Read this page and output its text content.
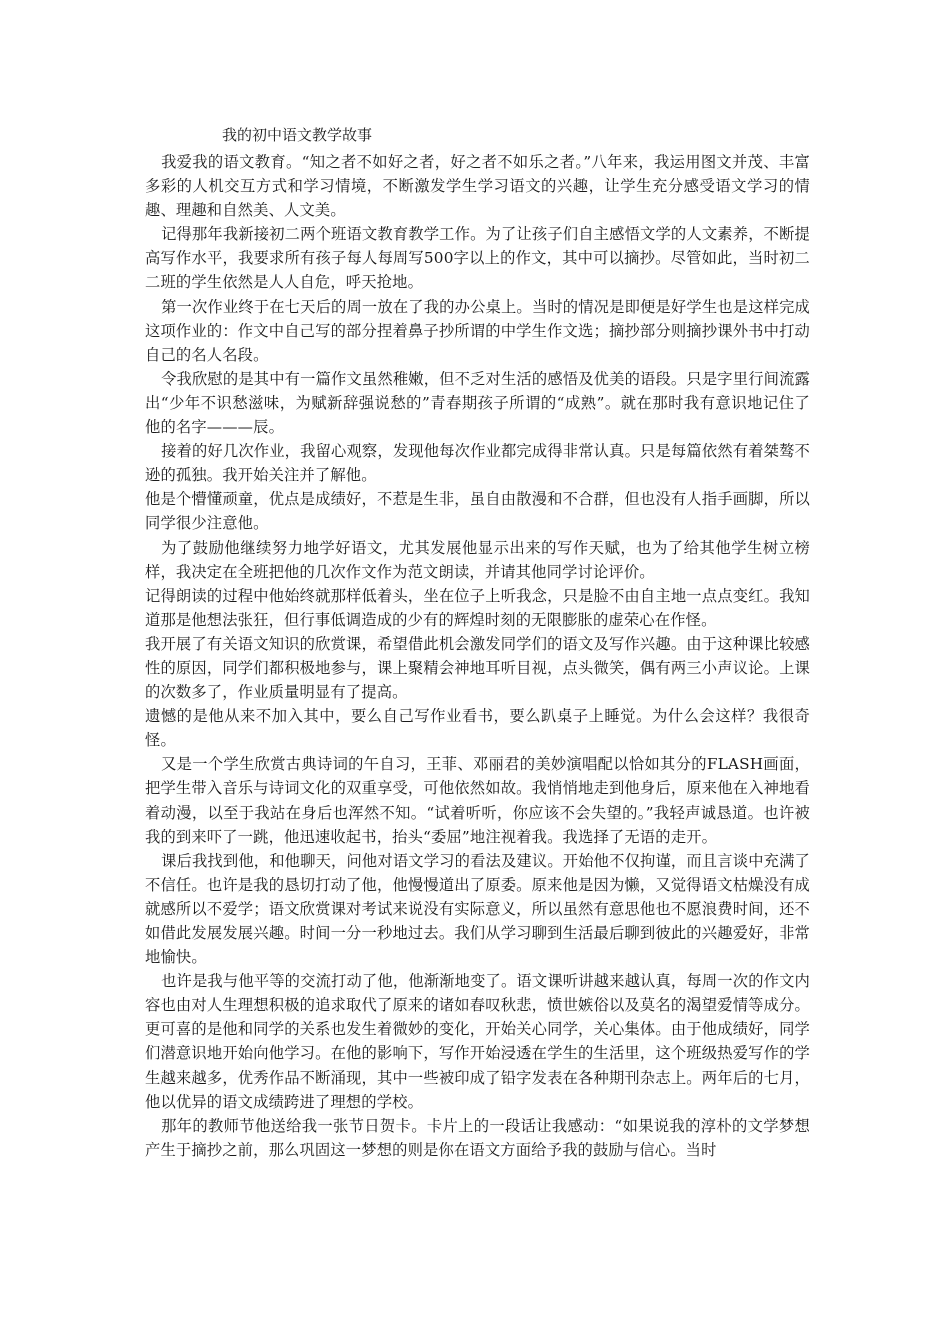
我的初中语文教学故事

我爱我的语文教育。“知之者不如好之者，好之者不如乐之者。”八年来，我运用图文并茂、丰富多彩的人机交互方式和学习情境，不断激发学生学习语文的兴趣，让学生充分感受语文学习的情趣、理趣和自然美、人文美。

记得那年我新接初二两个班语文教育教学工作。为了让孩子们自主感悟文学的人文素养，不断提高写作水平，我要求所有孩子每人每周写500字以上的作文，其中可以摘抄。尽管如此，当时初二二班的学生依然是人人自危，呼天抢地。

第一次作业终于在七天后的周一放在了我的办公桌上。当时的情况是即便是好学生也是这样完成这项作业的：作文中自己写的部分捏着鼻子抄所谓的中学生作文选；摘抄部分则摘抄课外书中打动自己的名人名段。

令我欣慰的是其中有一篇作文虽然稚嫩，但不乏对生活的感悟及优美的语段。只是字里行间流露出“少年不识愁滋味，为赋新辞强说愁的”青春期孩子所谓的“成熟”。就在那时我有意识地记住了他的名字———辰。

接着的好几次作业，我留心观察，发现他每次作业都完成得非常认真。只是每篇依然有着桀骜不逊的孤独。我开始关注并了解他。

他是个懵懂顽童，优点是成绩好，不惹是生非，虽自由散漫和不合群，但也没有人指手画脚，所以同学很少注意他。

为了鼓励他继续努力地学好语文，尤其发展他显示出来的写作天赋，也为了给其他学生树立榜样，我决定在全班把他的几次作文作为范文朗读，并请其他同学讨论评价。

记得朗读的过程中他始终就那样低着头，坐在位子上听我念，只是脸不由自主地一点点变红。我知道那是他想法张狂，但行事低调造成的少有的辉煌时刻的无限膨胀的虚荣心在作怪。

我开展了有关语文知识的欣赏课，希望借此机会激发同学们的语文及写作兴趣。由于这种课比较感性的原因，同学们都积极地参与，课上聚精会神地耳听目视，点头微笑，偶有两三小声议论。上课的次数多了，作业质量明显有了提高。

遗憾的是他从来不加入其中，要么自己写作业看书，要么趴桌子上睡觉。为什么会这样？我很奇怪。

又是一个学生欣赏古典诗词的午自习，王菲、邓丽君的美妙演唱配以恰如其分的FLASH画面，把学生带入音乐与诗词文化的双重享受，可他依然如故。我悄悄地走到他身后，原来他在入神地看着动漫，以至于我站在身后也浑然不知。“试着听听，你应该不会失望的。”我轻声诚恳道。也许被我的到来吓了一跳，他迅速收起书，抬头“委屈”地注视着我。我选择了无语的走开。

课后我找到他，和他聊天，问他对语文学习的看法及建议。开始他不仅拘谨，而且言谈中充满了不信任。也许是我的恳切打动了他，他慢慢道出了原委。原来他是因为懒，又觉得语文枯燥没有成就感所以不爱学；语文欣赏课对考试来说没有实际意义，所以虽然有意思他也不愿浪费时间，还不如借此发展发展兴趣。时间一分一秒地过去。我们从学习聊到生活最后聊到彼此的兴趣爱好，非常地愉快。

也许是我与他平等的交流打动了他，他渐渐地变了。语文课听讲越来越认真，每周一次的作文内容也由对人生理想积极的追求取代了原来的诸如春叹秋悲，愤世嫉俗以及莫名的渴望爱情等成分。更可喜的是他和同学的关系也发生着微妙的变化，开始关心同学，关心集体。由于他成绩好，同学们潜意识地开始向他学习。在他的影响下，写作开始浸透在学生的生活里，这个班级热爱写作的学生越来越多，优秀作品不断涌现，其中一些被印成了铅字发表在各种期刊杂志上。两年后的七月，他以优异的语文成绩跨进了理想的学校。

那年的教师节他送给我一张节日贺卡。卡片上的一段话让我感动：“如果说我的淳朴的文学梦想产生于摘抄之前，那么巩固这一梦想的则是你在语文方面给予我的鼓励与信心。当时
